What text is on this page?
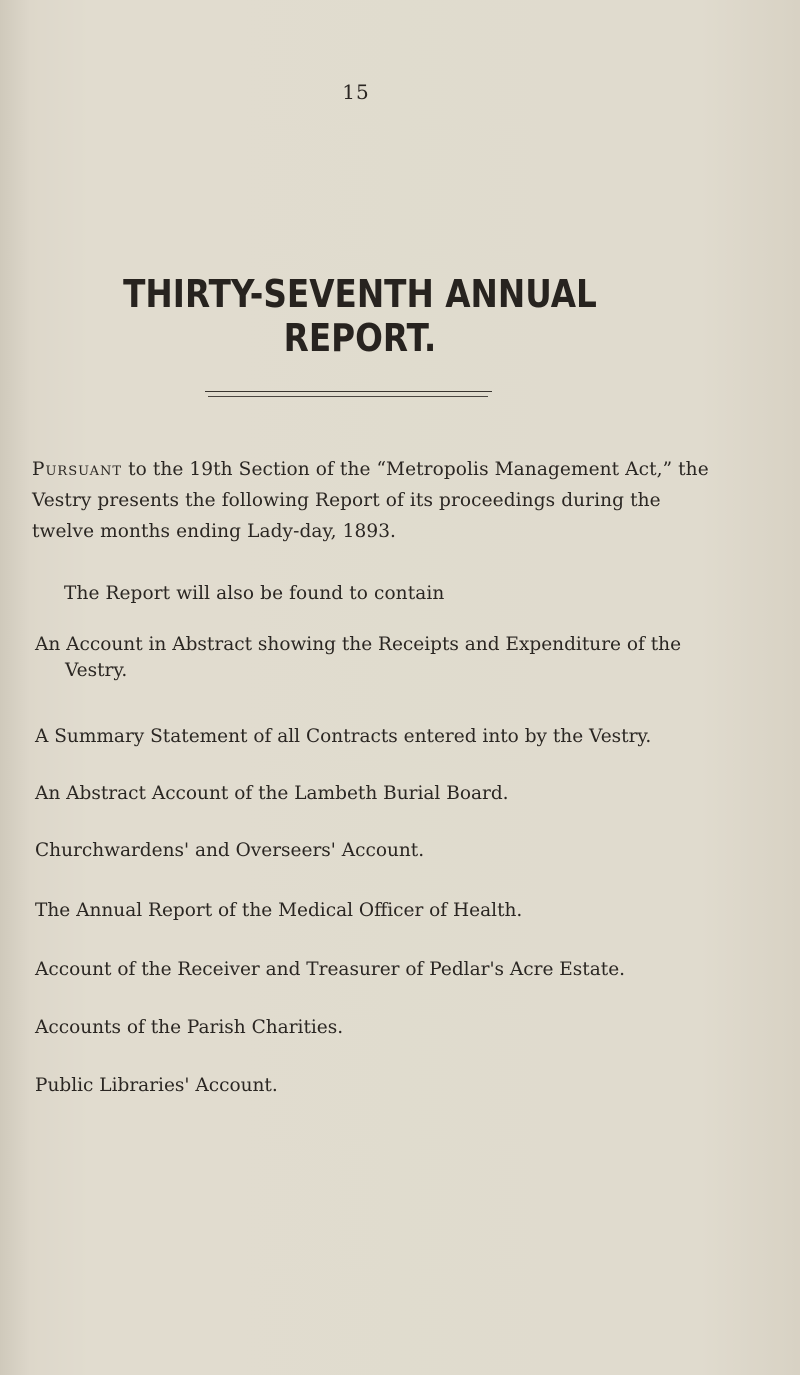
15
THIRTY-SEVENTH ANNUAL REPORT.

Pursuant to the 19th Section of the “Metropolis Management Act,” the Vestry presents the following Report of its proceedings during the twelve months ending Lady-day, 1893.

The Report will also be found to contain

An Account in Abstract showing the Receipts and Expenditure of the Vestry.
A Summary Statement of all Contracts entered into by the Vestry.
An Abstract Account of the Lambeth Burial Board.
Churchwardens' and Overseers' Account.
The Annual Report of the Medical Officer of Health.
Account of the Receiver and Treasurer of Pedlar's Acre Estate.
Accounts of the Parish Charities.
Public Libraries' Account.
